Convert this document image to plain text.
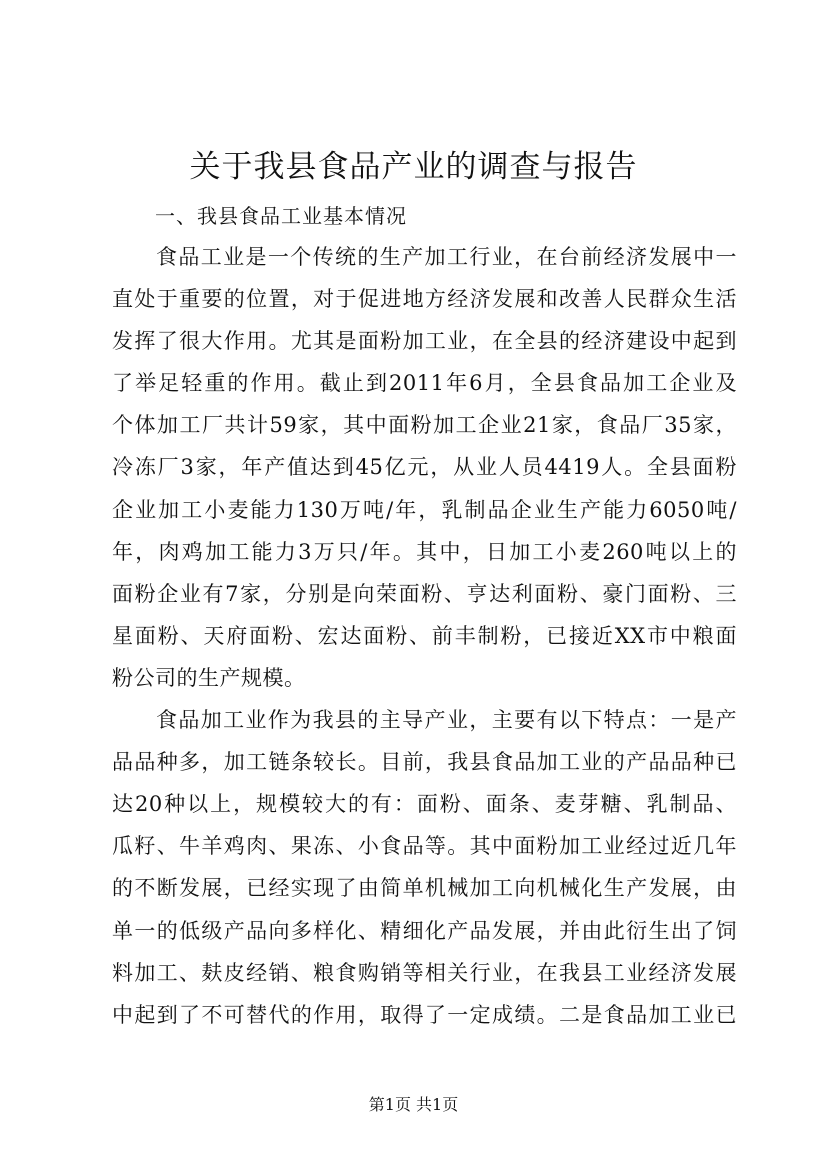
关于我县食品产业的调查与报告
一、我县食品工业基本情况
食品工业是一个传统的生产加工行业，在台前经济发展中一
直处于重要的位置，对于促进地方经济发展和改善人民群众生活
发挥了很大作用。尤其是面粉加工业，在全县的经济建设中起到
了举足轻重的作用。截止到2011年6月，全县食品加工企业及
个体加工厂共计59家，其中面粉加工企业21家，食品厂35家，
冷冻厂3家，年产值达到45亿元，从业人员4419人。全县面粉
企业加工小麦能力130万吨/年，乳制品企业生产能力6050吨/
年，肉鸡加工能力3万只/年。其中，日加工小麦260吨以上的
面粉企业有7家，分别是向荣面粉、亨达利面粉、豪门面粉、三
星面粉、天府面粉、宏达面粉、前丰制粉，已接近XX市中粮面
粉公司的生产规模。
食品加工业作为我县的主导产业，主要有以下特点：一是产
品品种多，加工链条较长。目前，我县食品加工业的产品品种已
达20种以上，规模较大的有：面粉、面条、麦芽糖、乳制品、
瓜籽、牛羊鸡肉、果冻、小食品等。其中面粉加工业经过近几年
的不断发展，已经实现了由简单机械加工向机械化生产发展，由
单一的低级产品向多样化、精细化产品发展，并由此衍生出了饲
料加工、麸皮经销、粮食购销等相关行业，在我县工业经济发展
中起到了不可替代的作用，取得了一定成绩。二是食品加工业已
第1页 共1页
